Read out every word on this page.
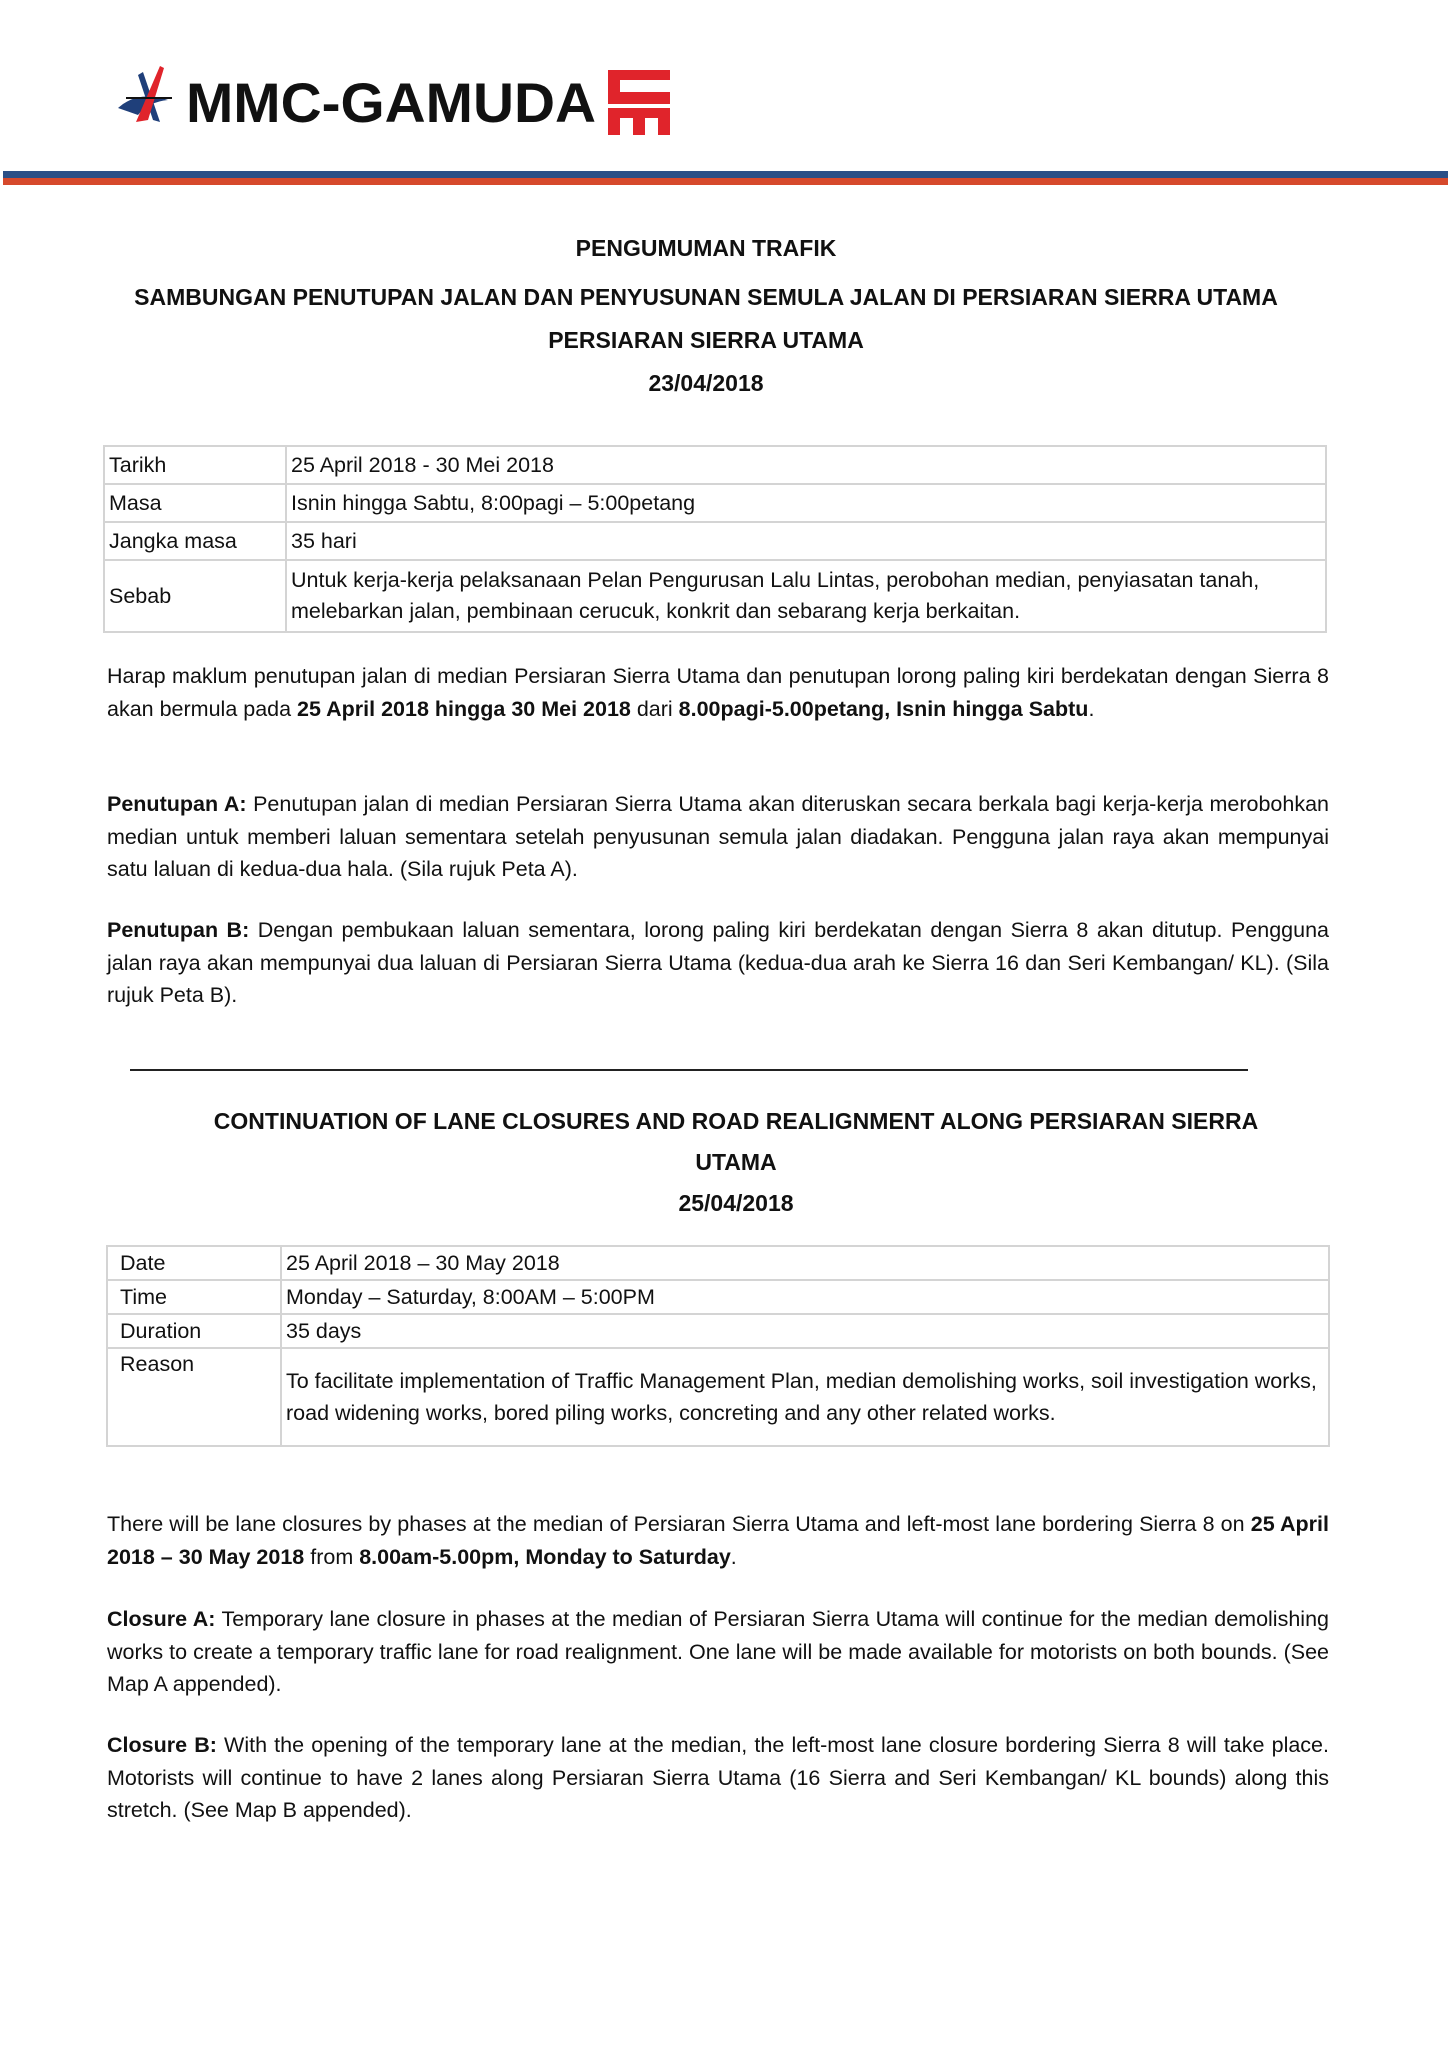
MMC-GAMUDA
PENGUMUMAN TRAFIK
SAMBUNGAN PENUTUPAN JALAN DAN PENYUSUNAN SEMULA JALAN DI PERSIARAN SIERRA UTAMA
PERSIARAN SIERRA UTAMA
23/04/2018
Tarikh	25 April 2018 - 30 Mei 2018
Masa	Isnin hingga Sabtu, 8:00pagi – 5:00petang
Jangka masa	35 hari
Sebab	Untuk kerja-kerja pelaksanaan Pelan Pengurusan Lalu Lintas, perobohan median, penyiasatan tanah, melebarkan jalan, pembinaan cerucuk, konkrit dan sebarang kerja berkaitan.
Harap maklum penutupan jalan di median Persiaran Sierra Utama dan penutupan lorong paling kiri berdekatan dengan Sierra 8 akan bermula pada 25 April 2018 hingga 30 Mei 2018 dari 8.00pagi-5.00petang, Isnin hingga Sabtu.
Penutupan A: Penutupan jalan di median Persiaran Sierra Utama akan diteruskan secara berkala bagi kerja-kerja merobohkan median untuk memberi laluan sementara setelah penyusunan semula jalan diadakan. Pengguna jalan raya akan mempunyai satu laluan di kedua-dua hala. (Sila rujuk Peta A).
Penutupan B: Dengan pembukaan laluan sementara, lorong paling kiri berdekatan dengan Sierra 8 akan ditutup. Pengguna jalan raya akan mempunyai dua laluan di Persiaran Sierra Utama (kedua-dua arah ke Sierra 16 dan Seri Kembangan/ KL). (Sila rujuk Peta B).
CONTINUATION OF LANE CLOSURES AND ROAD REALIGNMENT ALONG PERSIARAN SIERRA
UTAMA
25/04/2018
Date	25 April 2018 – 30 May 2018
Time	Monday – Saturday, 8:00AM – 5:00PM
Duration	35 days
Reason	To facilitate implementation of Traffic Management Plan, median demolishing works, soil investigation works, road widening works, bored piling works, concreting and any other related works.
There will be lane closures by phases at the median of Persiaran Sierra Utama and left-most lane bordering Sierra 8 on 25 April 2018 – 30 May 2018 from 8.00am-5.00pm, Monday to Saturday.
Closure A: Temporary lane closure in phases at the median of Persiaran Sierra Utama will continue for the median demolishing works to create a temporary traffic lane for road realignment. One lane will be made available for motorists on both bounds. (See Map A appended).
Closure B: With the opening of the temporary lane at the median, the left-most lane closure bordering Sierra 8 will take place. Motorists will continue to have 2 lanes along Persiaran Sierra Utama (16 Sierra and Seri Kembangan/ KL bounds) along this stretch. (See Map B appended).
